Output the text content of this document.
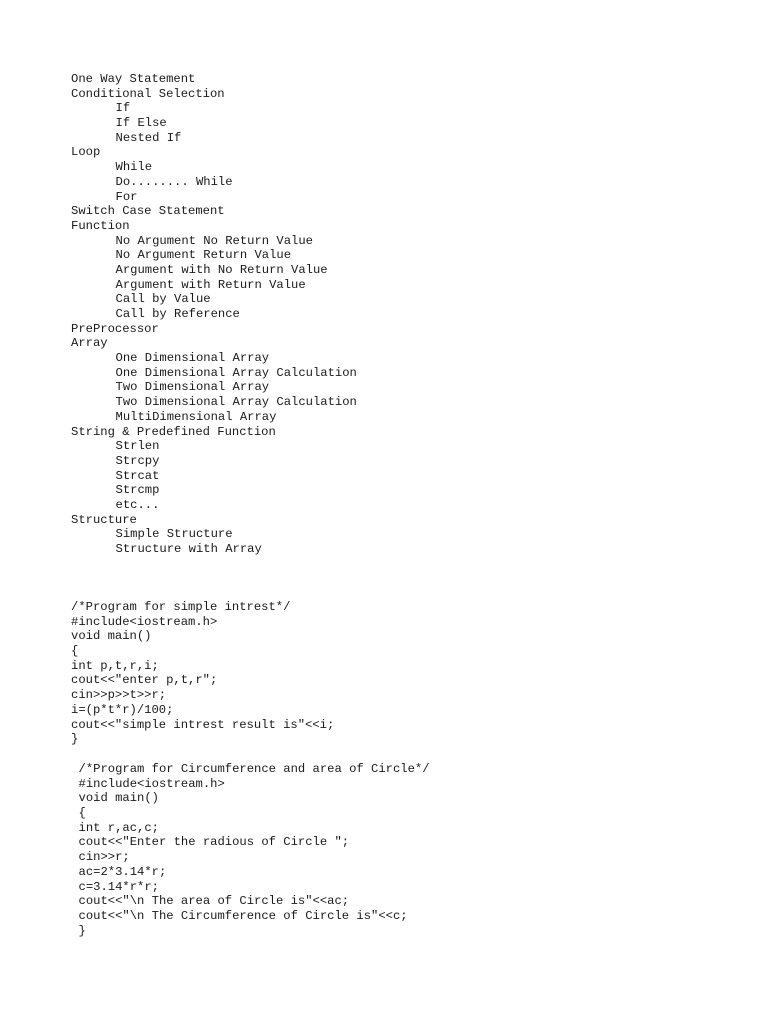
One Way Statement
Conditional Selection
If
If Else
Nested If
Loop
While
Do........ While
For
Switch Case Statement
Function
No Argument No Return Value
No Argument Return Value
Argument with No Return Value
Argument with Return Value
Call by Value
Call by Reference
PreProcessor
Array
One Dimensional Array
One Dimensional Array Calculation
Two Dimensional Array
Two Dimensional Array Calculation
MultiDimensional Array
String & Predefined Function
Strlen
Strcpy
Strcat
Strcmp
etc...
Structure
Simple Structure
Structure with Array
/*Program for simple intrest*/
#include<iostream.h>
void main()
{
int p,t,r,i;
cout<<"enter p,t,r";
cin>>p>>t>>r;
i=(p*t*r)/100;
cout<<"simple intrest result is"<<i;
}
/*Program for Circumference and area of Circle*/
#include<iostream.h>
void main()
{
int r,ac,c;
cout<<"Enter the radious of Circle ";
cin>>r;
ac=2*3.14*r;
c=3.14*r*r;
cout<<"\n The area of Circle is"<<ac;
cout<<"\n The Circumference of Circle is"<<c;
}
